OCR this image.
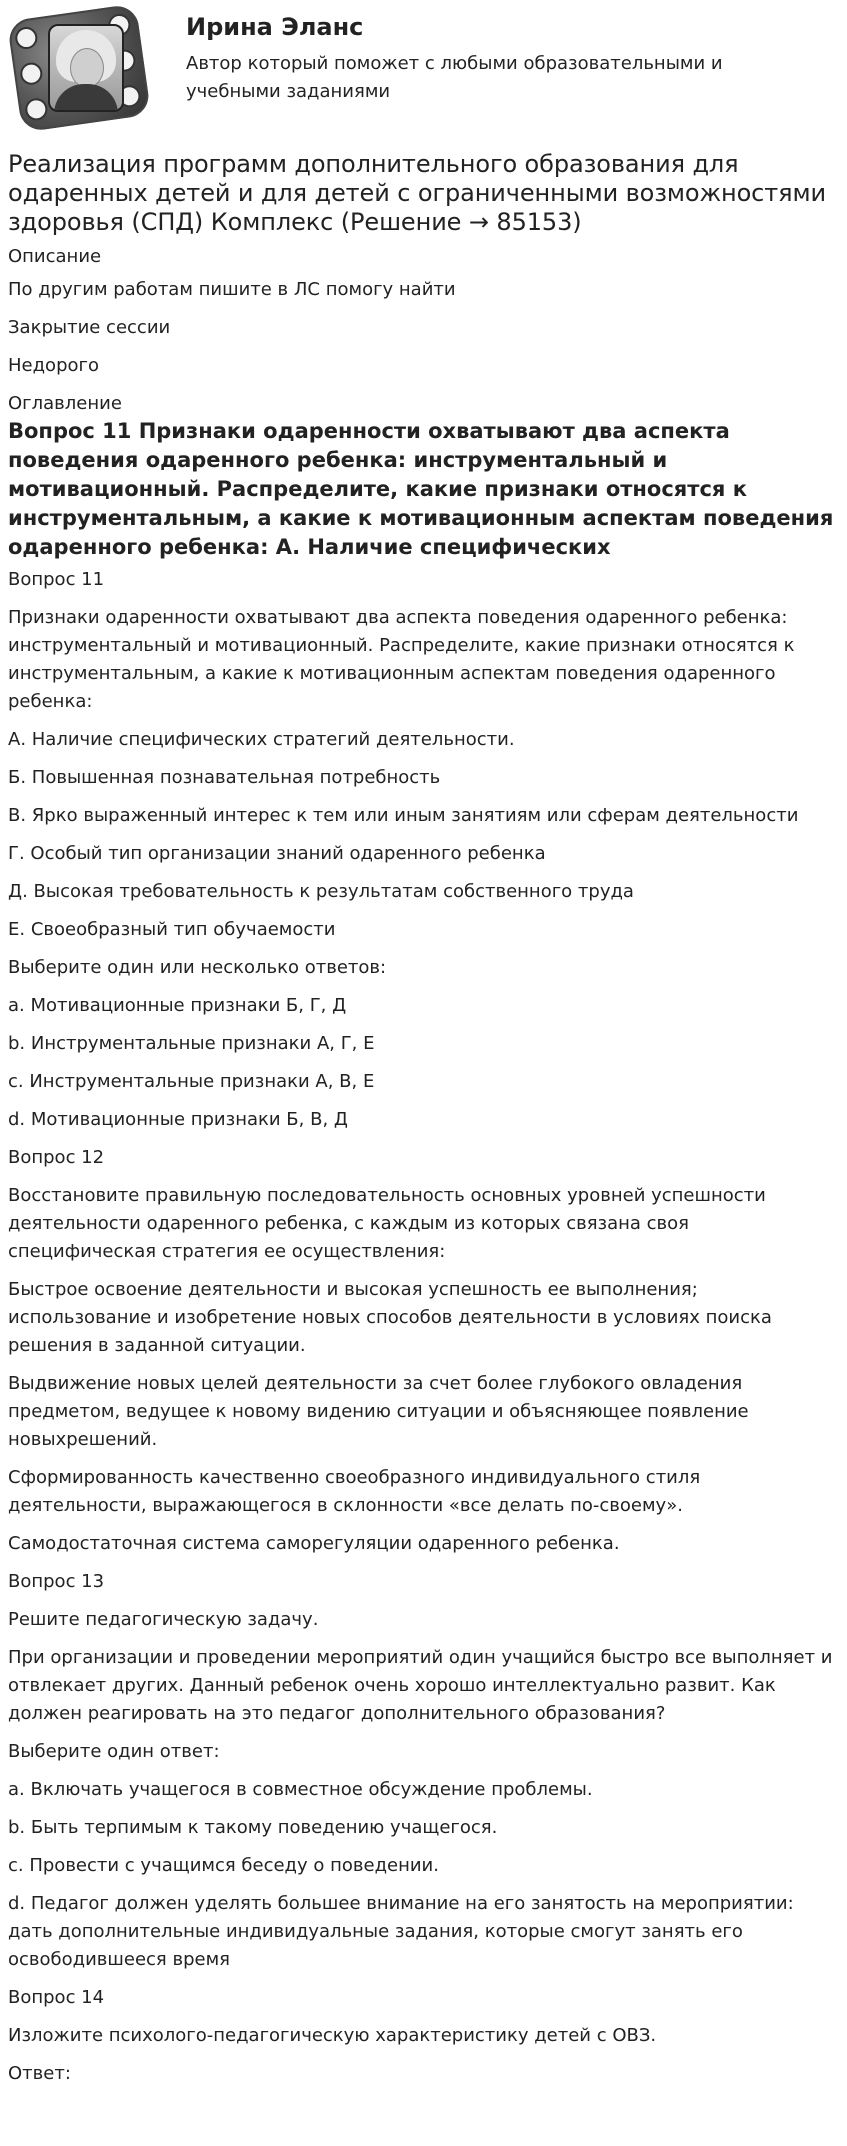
Ирина Эланс
Автор который поможет с любыми образовательными и учебными заданиями
Реализация программ дополнительного образования для одаренных детей и для детей с ограниченными возможностями здоровья (СПД) Комплекс (Решение → 85153)
Описание

По другим работам пишите в ЛС помогу найти

Закрытие сессии

Недорого

Оглавление
Вопрос 11 Признаки одаренности охватывают два аспекта поведения одаренного ребенка: инструментальный и мотивационный. Распределите, какие признаки относятся к инструментальным, а какие к мотивационным аспектам поведения одаренного ребенка: А. Наличие специфических

Вопрос 11

Признаки одаренности охватывают два аспекта поведения одаренного ребенка: инструментальный и мотивационный. Распределите, какие признаки относятся к инструментальным, а какие к мотивационным аспектам поведения одаренного ребенка:

А. Наличие специфических стратегий деятельности.

Б. Повышенная познавательная потребность

В. Ярко выраженный интерес к тем или иным занятиям или сферам деятельности

Г. Особый тип организации знаний одаренного ребенка

Д. Высокая требовательность к результатам собственного труда

Е. Своеобразный тип обучаемости

Выберите один или несколько ответов:

a. Мотивационные признаки Б, Г, Д

b. Инструментальные признаки А, Г, Е

c. Инструментальные признаки А, В, Е

d. Мотивационные признаки Б, В, Д

Вопрос 12

Восстановите правильную последовательность основных уровней успешности деятельности одаренного ребенка, с каждым из которых связана своя специфическая стратегия ее осуществления:

Быстрое освоение деятельности и высокая успешность ее выполнения; использование и изобретение новых способов деятельности в условиях поиска решения в заданной ситуации.

Выдвижение новых целей деятельности за счет более глубокого овладения предметом, ведущее к новому видению ситуации и объясняющее появление новыхрешений.

Сформированность качественно своеобразного индивидуального стиля деятельности, выражающегося в склонности «все делать по-своему».

Самодостаточная система саморегуляции одаренного ребенка.

Вопрос 13

Решите педагогическую задачу.

При организации и проведении мероприятий один учащийся быстро все выполняет и отвлекает других. Данный ребенок очень хорошо интеллектуально развит. Как должен реагировать на это педагог дополнительного образования?

Выберите один ответ:

a. Включать учащегося в совместное обсуждение проблемы.

b. Быть терпимым к такому поведению учащегося.

c. Провести с учащимся беседу о поведении.

d. Педагог должен уделять большее внимание на его занятость на мероприятии: дать дополнительные индивидуальные задания, которые смогут занять его освободившееся время

Вопрос 14

Изложите психолого-педагогическую характеристику детей с ОВЗ.

Ответ:
